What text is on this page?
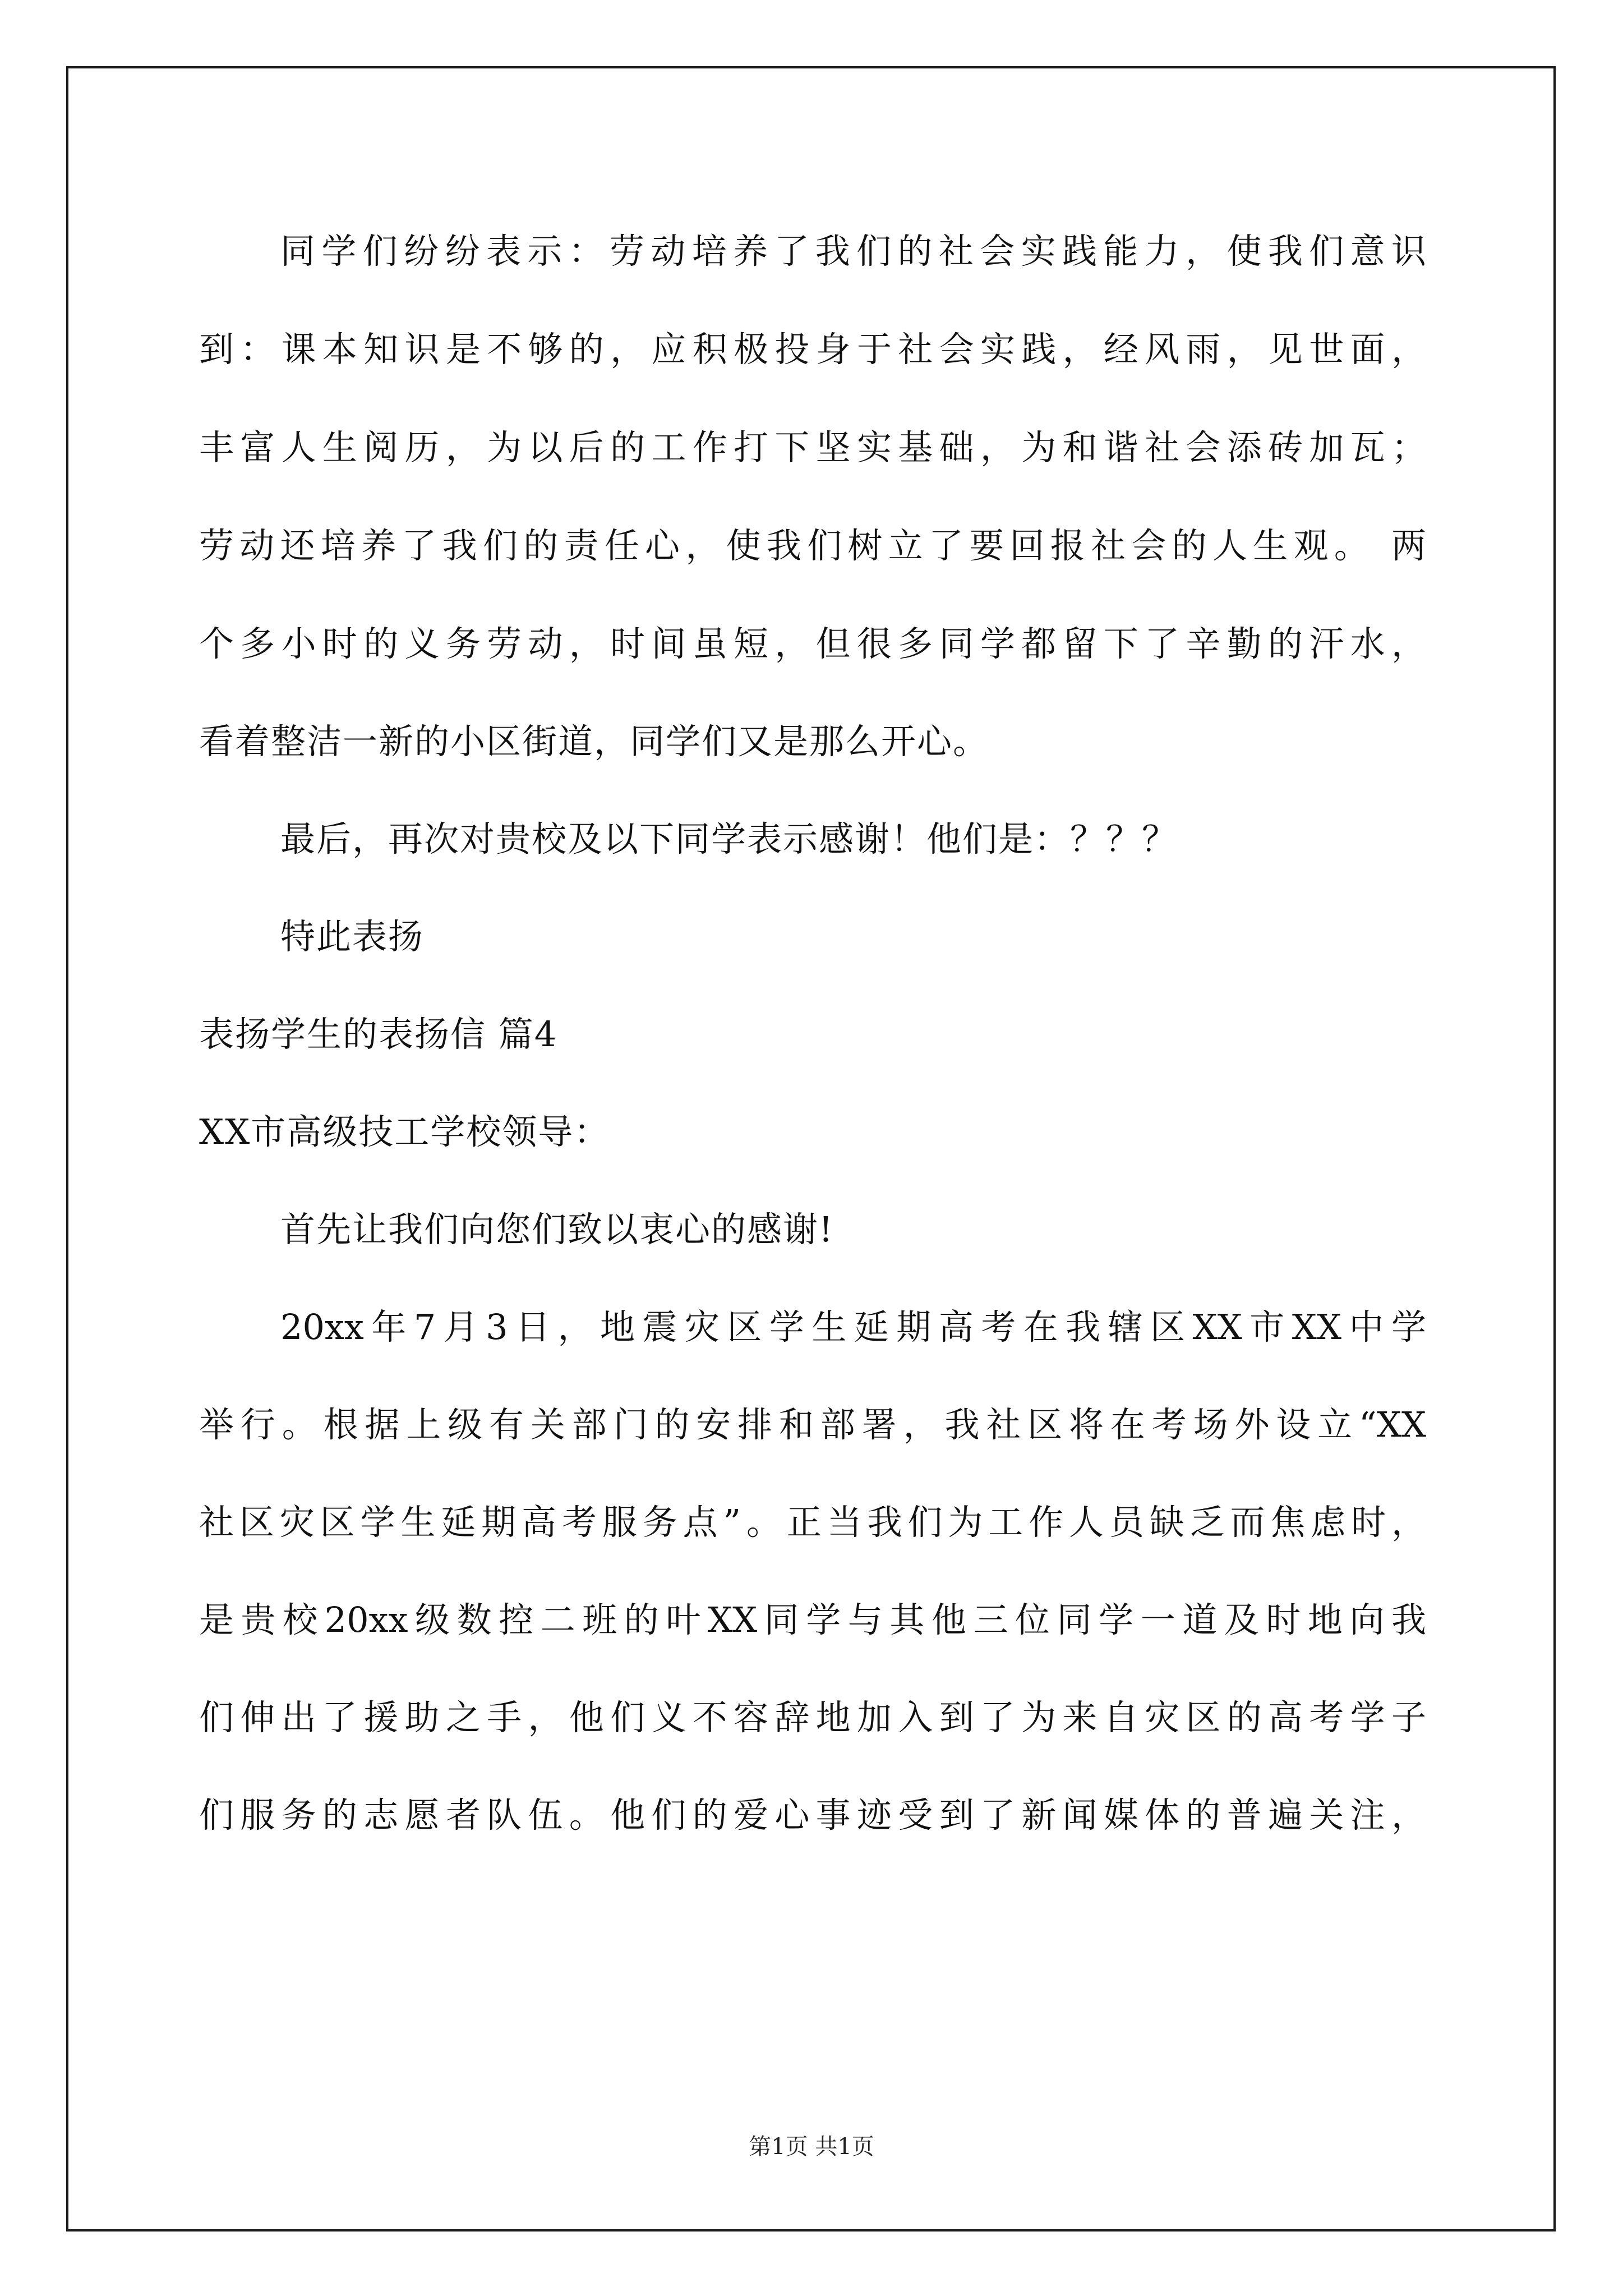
同学们纷纷表示：劳动培养了我们的社会实践能力，使我们意识
到：课本知识是不够的，应积极投身于社会实践，经风雨，见世面，
丰富人生阅历，为以后的工作打下坚实基础，为和谐社会添砖加瓦；
劳动还培养了我们的责任心，使我们树立了要回报社会的人生观。 两
个多小时的义务劳动，时间虽短，但很多同学都留下了辛勤的汗水，
看着整洁一新的小区街道，同学们又是那么开心。
最后，再次对贵校及以下同学表示感谢！他们是：？？？
特此表扬
表扬学生的表扬信 篇4
XX市高级技工学校领导：
首先让我们向您们致以衷心的感谢!
20xx年7月3日，地震灾区学生延期高考在我辖区XX市XX中学
举行。根据上级有关部门的安排和部署，我社区将在考场外设立“XX
社区灾区学生延期高考服务点”。正当我们为工作人员缺乏而焦虑时，
是贵校20xx级数控二班的叶XX同学与其他三位同学一道及时地向我
们伸出了援助之手，他们义不容辞地加入到了为来自灾区的高考学子
们服务的志愿者队伍。他们的爱心事迹受到了新闻媒体的普遍关注，
第1页 共1页
